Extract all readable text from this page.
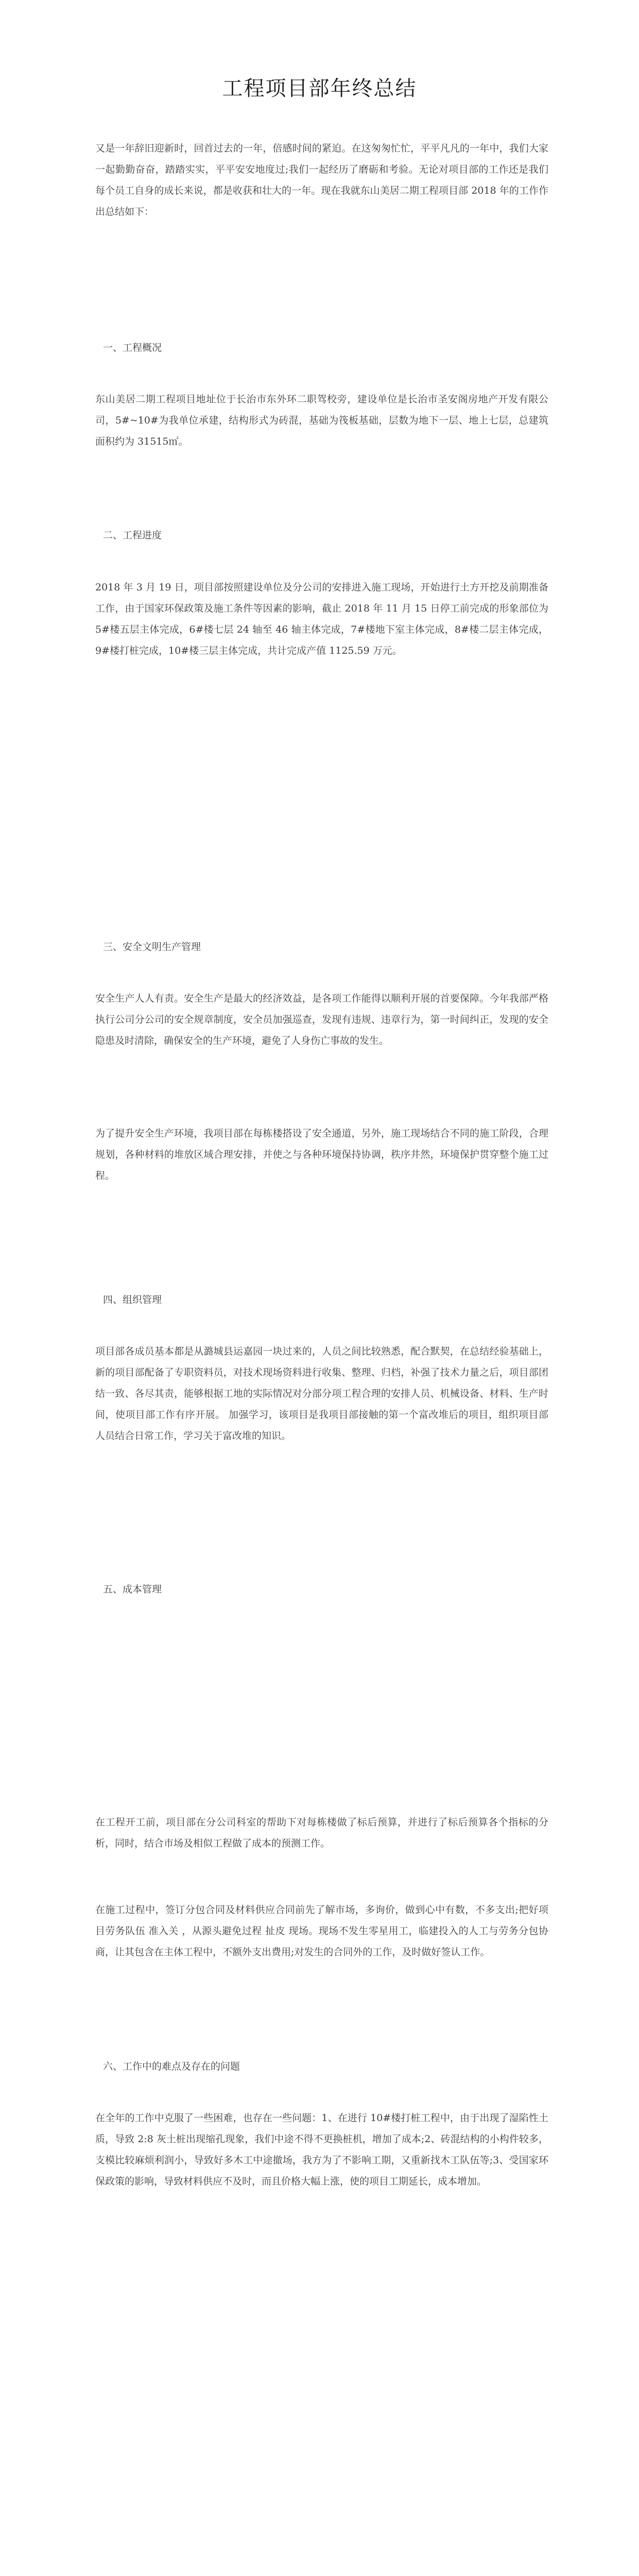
工程项目部年终总结

又是一年辞旧迎新时，回首过去的一年，倍感时间的紧迫。在这匆匆忙忙，平平凡凡的一年中，我们大家一起勤勤奋奋，踏踏实实，平平安安地度过;我们一起经历了磨砺和考验。无论对项目部的工作还是我们每个员工自身的成长来说，都是收获和壮大的一年。现在我就东山美居二期工程项目部 2018 年的工作作出总结如下：

一、工程概况

东山美居二期工程项目地址位于长治市东外环二职驾校旁，建设单位是长治市圣安阁房地产开发有限公司，5#~10#为我单位承建，结构形式为砖混，基础为筏板基础，层数为地下一层、地上七层，总建筑面积约为 31515㎡。

二、工程进度

2018 年 3 月 19 日，项目部按照建设单位及分公司的安排进入施工现场，开始进行土方开挖及前期准备工作，由于国家环保政策及施工条件等因素的影响，截止 2018 年 11 月 15 日停工前完成的形象部位为 5#楼五层主体完成，6#楼七层 24 轴至 46 轴主体完成，7#楼地下室主体完成，8#楼二层主体完成，9#楼打桩完成，10#楼三层主体完成，共计完成产值 1125.59 万元。

三、安全文明生产管理

安全生产人人有责。安全生产是最大的经济效益，是各项工作能得以顺利开展的首要保障。今年我部严格执行公司分公司的安全规章制度，安全员加强巡查，发现有违规、违章行为，第一时间纠正，发现的安全隐患及时清除，确保安全的生产环境，避免了人身伤亡事故的发生。

为了提升安全生产环境，我项目部在每栋楼搭设了安全通道，另外，施工现场结合不同的施工阶段，合理规划，各种材料的堆放区域合理安排，并使之与各种环境保持协调，秩序井然，环境保护贯穿整个施工过程。

四、组织管理

项目部各成员基本都是从潞城县运嘉园一块过来的，人员之间比较熟悉，配合默契，在总结经验基础上，新的项目部配备了专职资料员，对技术现场资料进行收集、整理、归档，补强了技术力量之后，项目部团结一致、各尽其责，能够根据工地的实际情况对分部分项工程合理的安排人员、机械设备、材料、生产时间，使项目部工作有序开展。 加强学习，该项目是我项目部接触的第一个富改堆后的项目，组织项目部人员结合日常工作，学习关于富改堆的知识。

五、成本管理

在工程开工前，项目部在分公司科室的帮助下对每栋楼做了标后预算，并进行了标后预算各个指标的分析，同时，结合市场及相似工程做了成本的预测工作。

在施工过程中，签订分包合同及材料供应合同前先了解市场，多询价，做到心中有数，不多支出;把好项目劳务队伍 准入关 ，从源头避免过程 扯皮 现场。现场不发生零星用工，临建投入的人工与劳务分包协商，让其包含在主体工程中，不额外支出费用;对发生的合同外的工作，及时做好签认工作。

六、工作中的难点及存在的问题

在全年的工作中克服了一些困难，也存在一些问题：1、在进行 10#楼打桩工程中，由于出现了湿陷性土质，导致 2:8 灰土桩出现缩孔现象，我们中途不得不更换桩机，增加了成本;2、砖混结构的小构件较多，支模比较麻烦利润小，导致好多木工中途撤场，我方为了不影响工期，又重新找木工队伍等;3、受国家环保政策的影响，导致材料供应不及时，而且价格大幅上涨，使的项目工期延长，成本增加。
